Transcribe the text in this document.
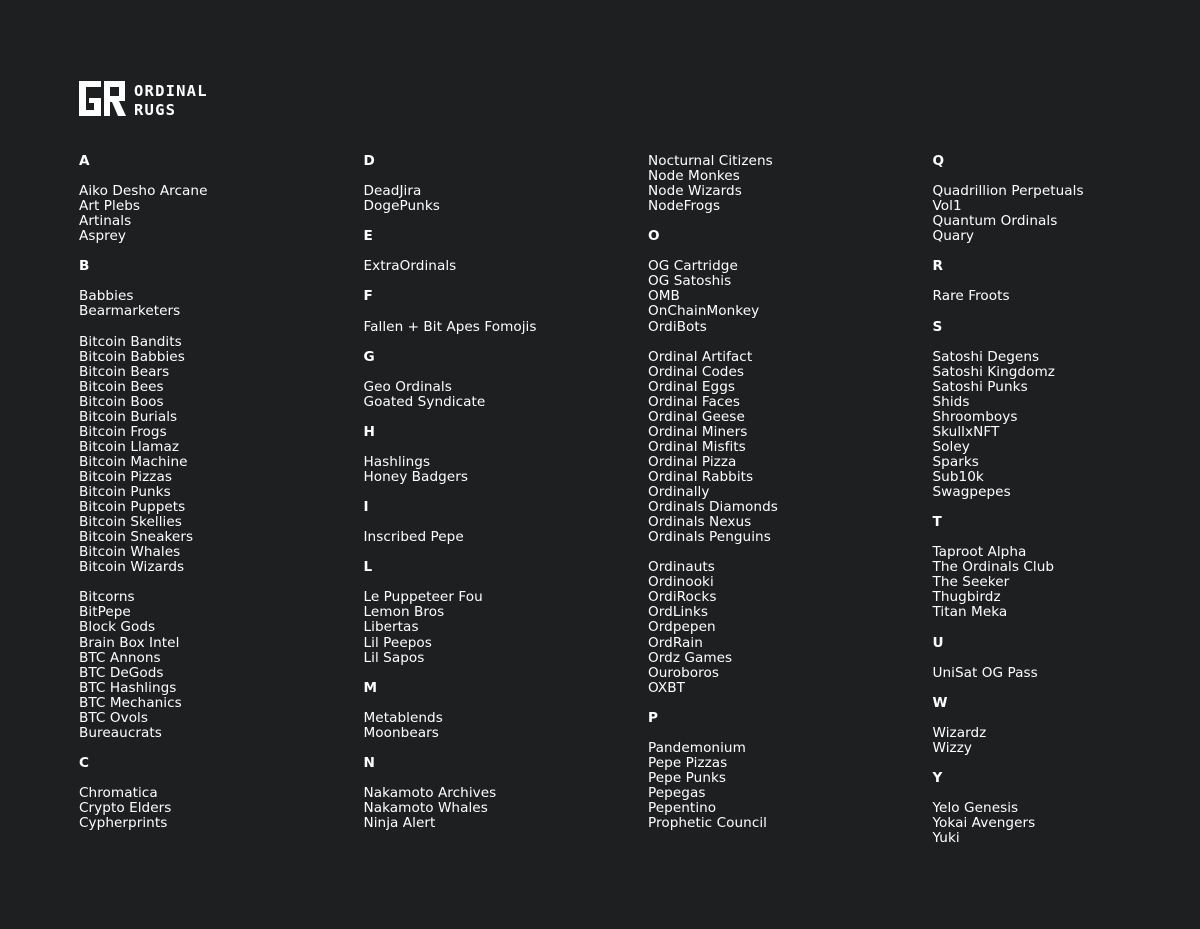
ORDINAL
RUGS
A
Aiko Desho Arcane
Art Plebs
Artinals
Asprey
B
Babbies
Bearmarketers
Bitcoin Bandits
Bitcoin Babbies
Bitcoin Bears
Bitcoin Bees
Bitcoin Boos
Bitcoin Burials
Bitcoin Frogs
Bitcoin Llamaz
Bitcoin Machine
Bitcoin Pizzas
Bitcoin Punks
Bitcoin Puppets
Bitcoin Skellies
Bitcoin Sneakers
Bitcoin Whales
Bitcoin Wizards
Bitcorns
BitPepe
Block Gods
Brain Box Intel
BTC Annons
BTC DeGods
BTC Hashlings
BTC Mechanics
BTC Ovols
Bureaucrats
C
Chromatica
Crypto Elders
Cypherprints
D
DeadJira
DogePunks
E
ExtraOrdinals
F
Fallen + Bit Apes Fomojis
G
Geo Ordinals
Goated Syndicate
H
Hashlings
Honey Badgers
I
Inscribed Pepe
L
Le Puppeteer Fou
Lemon Bros
Libertas
Lil Peepos
Lil Sapos
M
Metablends
Moonbears
N
Nakamoto Archives
Nakamoto Whales
Ninja Alert
Nocturnal Citizens
Node Monkes
Node Wizards
NodeFrogs
O
OG Cartridge
OG Satoshis
OMB
OnChainMonkey
OrdiBots
Ordinal Artifact
Ordinal Codes
Ordinal Eggs
Ordinal Faces
Ordinal Geese
Ordinal Miners
Ordinal Misfits
Ordinal Pizza
Ordinal Rabbits
Ordinally
Ordinals Diamonds
Ordinals Nexus
Ordinals Penguins
Ordinauts
Ordinooki
OrdiRocks
OrdLinks
Ordpepen
OrdRain
Ordz Games
Ouroboros
OXBT
P
Pandemonium
Pepe Pizzas
Pepe Punks
Pepegas
Pepentino
Prophetic Council
Q
Quadrillion Perpetuals
Vol1
Quantum Ordinals
Quary
R
Rare Froots
S
Satoshi Degens
Satoshi Kingdomz
Satoshi Punks
Shids
Shroomboys
SkullxNFT
Soley
Sparks
Sub10k
Swagpepes
T
Taproot Alpha
The Ordinals Club
The Seeker
Thugbirdz
Titan Meka
U
UniSat OG Pass
W
Wizardz
Wizzy
Y
Yelo Genesis
Yokai Avengers
Yuki
